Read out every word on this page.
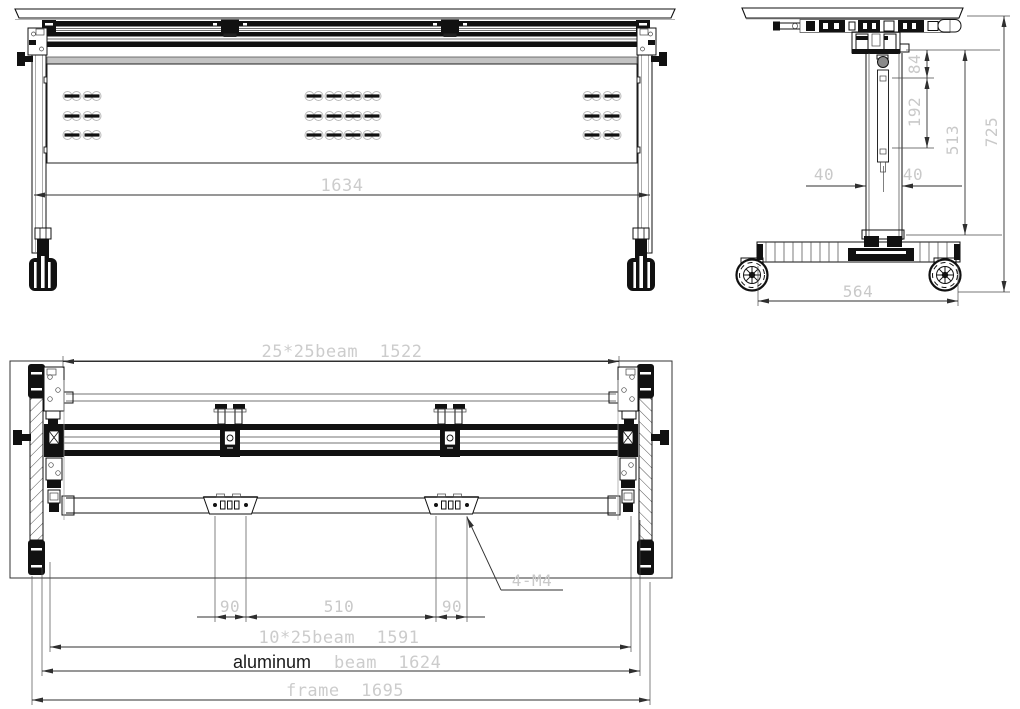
1634
84
192
513 725
40	40
564
25*25beam  1522
90	510	90
4-M4
10*25beam  1591
aluminum beam  1624
frame  1695
